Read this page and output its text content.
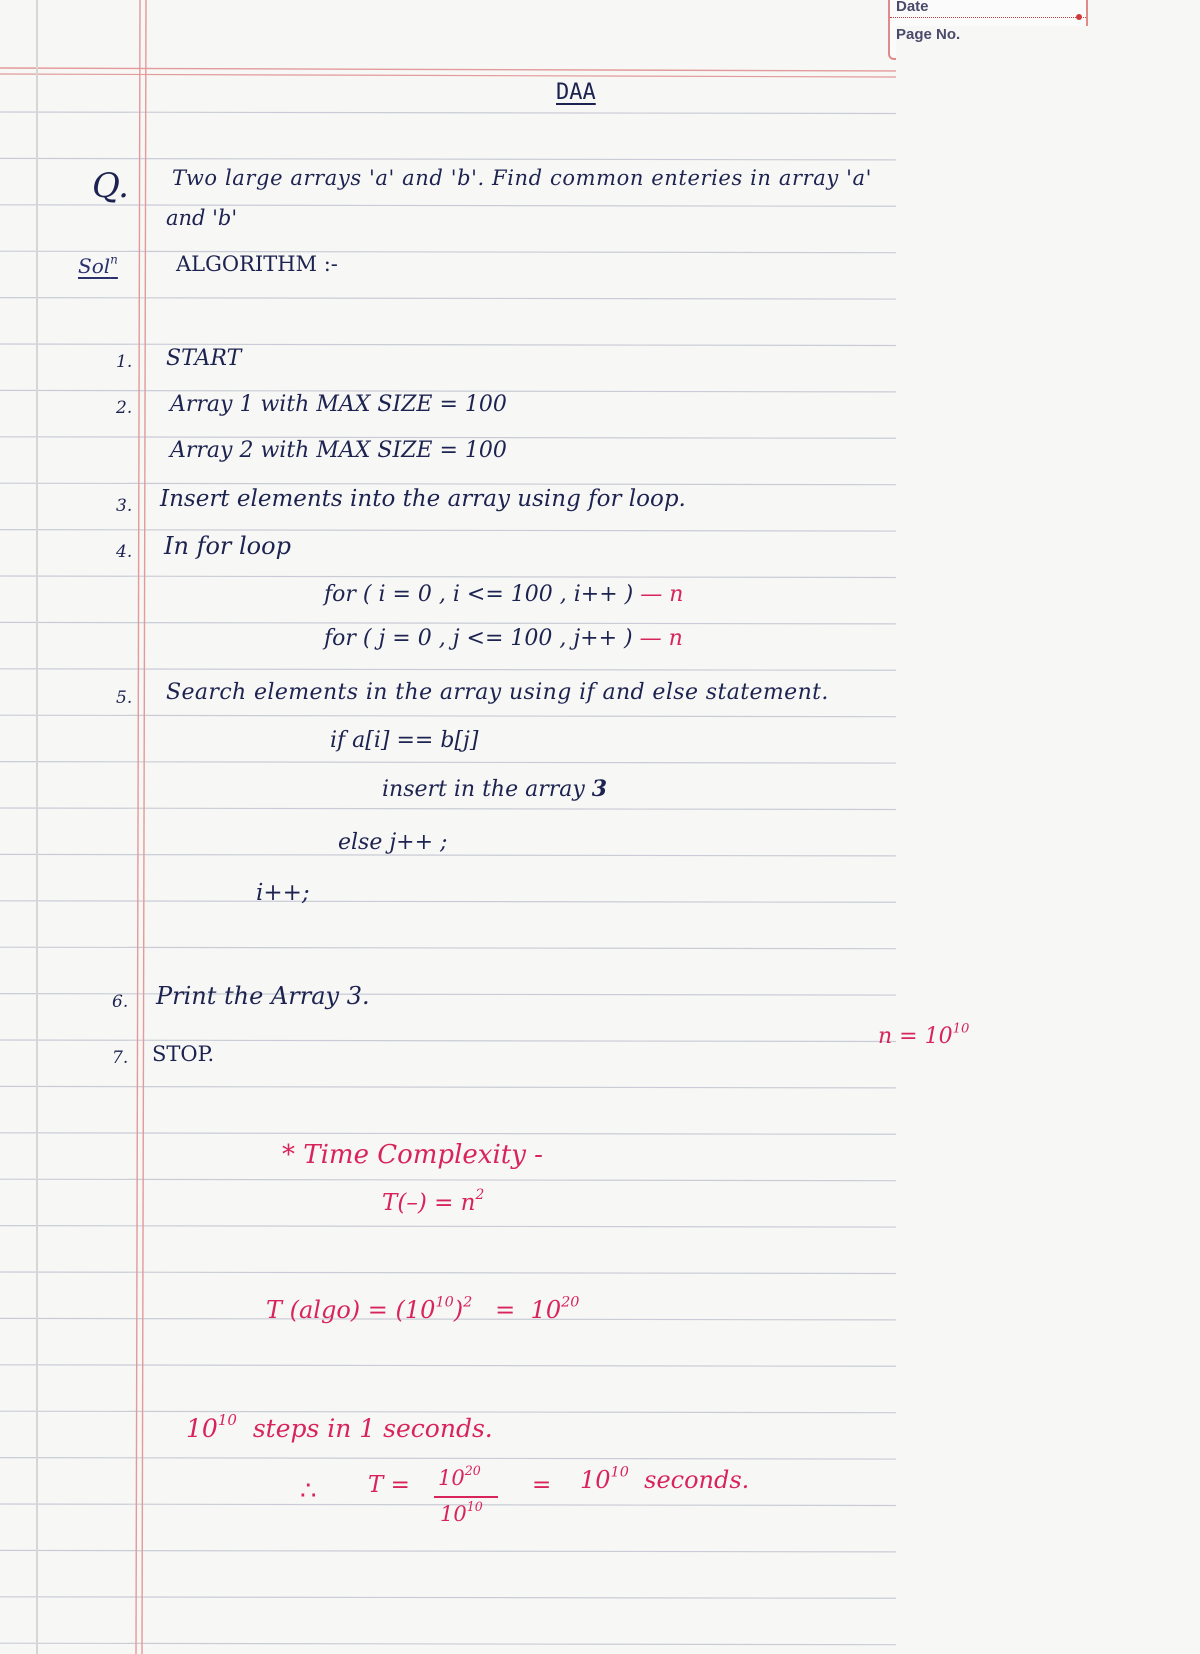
Date
Page No.
DAA
Q. Two large arrays 'a' and 'b'. Find common enteries in array 'a'
and 'b'
Sol$^n$	ALGORITHM :-
1. START
2. Array 1 with MAX SIZE = 100
Array 2 with MAX SIZE = 100
3. Insert elements into the array using for loop.
4. In for loop
for ( i = 0 , i <= 100 , i++ ) — n
for ( j = 0 , j <= 100 , j++ ) — n
5. Search elements in the array using if and else statement.
if a[i] == b[j]
insert in the array 3
else j++ ;
i++;
6. Print the Array 3.
7. STOP.
$n = 10^{10}$
* Time Complexity -
$T(-) = n^2$
T $(algo) = (10^{10})^2 = 10^{20}$
$10^{10}$ steps in 1 seconds.
∴ $T = 10^{20}$
$10^{10}$
= $10^{10}$ seconds.
